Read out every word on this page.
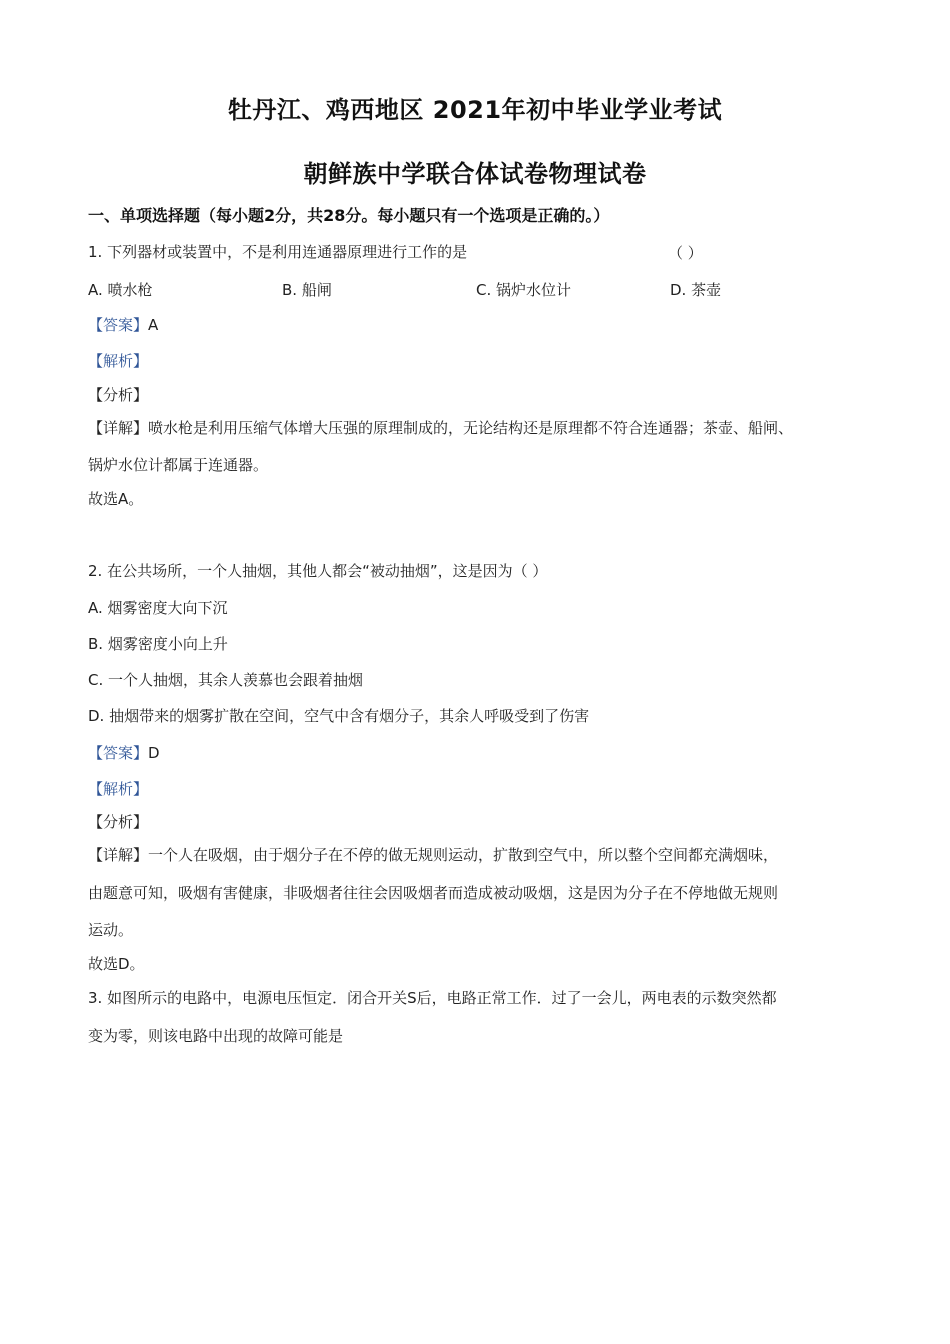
牡丹江、鸡西地区 2021年初中毕业学业考试
朝鲜族中学联合体试卷物理试卷
一、单项选择题（每小题2分，共28分。每小题只有一个选项是正确的。）
1. 下列器材或装置中，不是利用连通器原理进行工作的是	（ ）
A. 喷水枪	B. 船闸	C. 锅炉水位计	D. 茶壶
【答案】A
【解析】
【分析】
【详解】喷水枪是利用压缩气体增大压强的原理制成的，无论结构还是原理都不符合连通器；茶壶、船闸、
锅炉水位计都属于连通器。
故选A。
2. 在公共场所，一个人抽烟，其他人都会“被动抽烟”，这是因为（ ）
A. 烟雾密度大向下沉
B. 烟雾密度小向上升
C. 一个人抽烟，其余人羡慕也会跟着抽烟
D. 抽烟带来的烟雾扩散在空间，空气中含有烟分子，其余人呼吸受到了伤害
【答案】D
【解析】
【分析】
【详解】一个人在吸烟，由于烟分子在不停的做无规则运动，扩散到空气中，所以整个空间都充满烟味，
由题意可知，吸烟有害健康，非吸烟者往往会因吸烟者而造成被动吸烟，这是因为分子在不停地做无规则
运动。
故选D。
3. 如图所示的电路中，电源电压恒定．闭合开关S后，电路正常工作．过了一会儿，两电表的示数突然都
变为零，则该电路中出现的故障可能是
